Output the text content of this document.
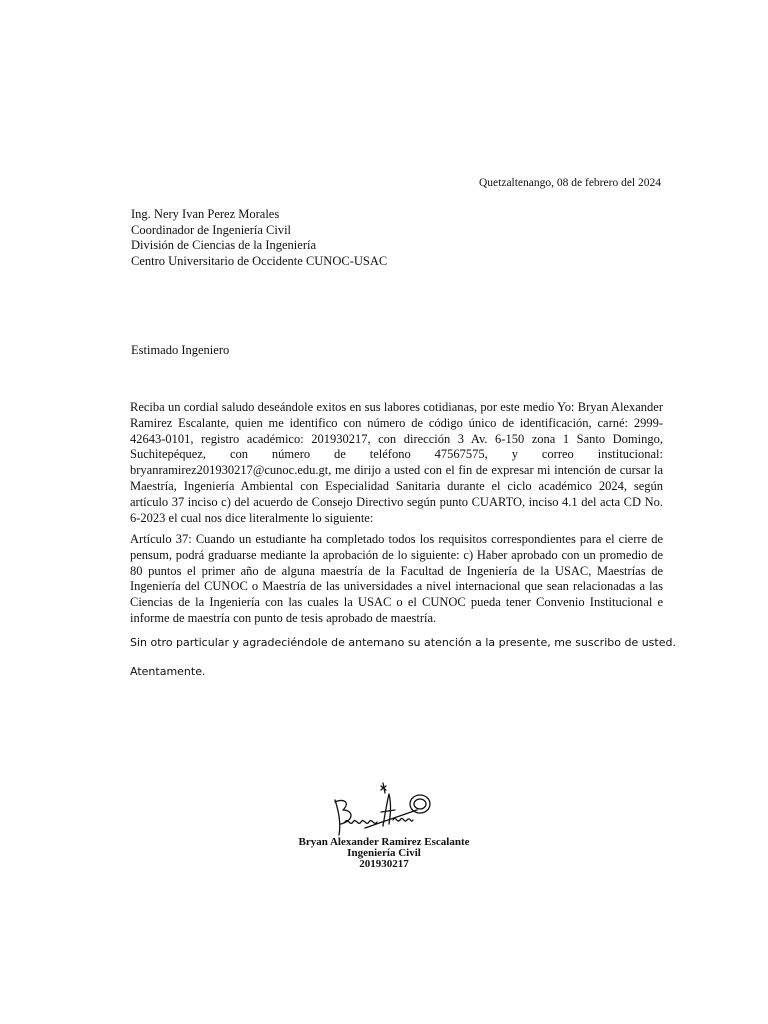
Quetzaltenango, 08 de febrero del 2024
Ing. Nery Ivan Perez Morales
Coordinador de Ingeniería Civil
División de Ciencias de la Ingeniería
Centro Universitario de Occidente CUNOC-USAC
Estimado Ingeniero
Reciba un cordial saludo deseándole exitos en sus labores cotidianas, por este medio Yo: Bryan Alexander Ramirez Escalante, quien me identifico con número de código único de identificación, carné: 2999-42643-0101, registro académico: 201930217, con dirección 3 Av. 6-150 zona 1 Santo Domingo, Suchitepéquez, con número de teléfono 47567575, y correo institucional: bryanramirez201930217@cunoc.edu.gt, me dirijo a usted con el fin de expresar mi intención de cursar la Maestría, Ingeniería Ambiental con Especialidad Sanitaria durante el ciclo académico 2024, según artículo 37 inciso c) del acuerdo de Consejo Directivo según punto CUARTO, inciso 4.1 del acta CD No. 6-2023 el cual nos dice literalmente lo siguiente:
Artículo 37: Cuando un estudiante ha completado todos los requisitos correspondientes para el cierre de pensum, podrá graduarse mediante la aprobación de lo siguiente: c) Haber aprobado con un promedio de 80 puntos el primer año de alguna maestría de la Facultad de Ingeniería de la USAC, Maestrías de Ingeniería del CUNOC o Maestría de las universidades a nivel internacional que sean relacionadas a las Ciencias de la Ingeniería con las cuales la USAC o el CUNOC pueda tener Convenio Institucional e informe de maestría con punto de tesis aprobado de maestría.
Sin otro particular y agradeciéndole de antemano su atención a la presente, me suscribo de usted.
Atentamente.
Bryan Alexander Ramirez Escalante
Ingeniería Civil
201930217
